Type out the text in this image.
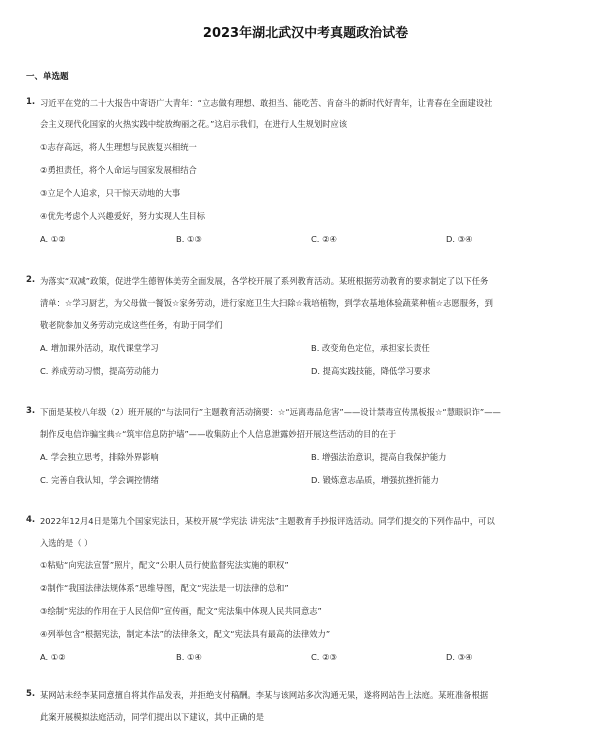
2023年湖北武汉中考真题政治试卷
一、单选题
1. 习近平在党的二十大报告中寄语广大青年：“立志做有理想、敢担当、能吃苦、肯奋斗的新时代好青年，让青春在全面建设社
会主义现代化国家的火热实践中绽放绚丽之花。”这启示我们，在进行人生规划时应该
①志存高远，将人生理想与民族复兴相统一
②勇担责任，将个人命运与国家发展相结合
③立足个人追求，只干惊天动地的大事
④优先考虑个人兴趣爱好，努力实现人生目标
A. ①②	B. ①③	C. ②④	D. ③④
2. 为落实“双减”政策，促进学生德智体美劳全面发展，各学校开展了系列教育活动。某班根据劳动教育的要求制定了以下任务
清单：☆学习厨艺，为父母做一餐饭☆家务劳动，进行家庭卫生大扫除☆栽培植物，到学农基地体验蔬菜种植☆志愿服务，到
敬老院参加义务劳动完成这些任务，有助于同学们
A. 增加课外活动，取代课堂学习	B. 改变角色定位，承担家长责任
C. 养成劳动习惯，提高劳动能力	D. 提高实践技能，降低学习要求
3. 下面是某校八年级（2）班开展的“与法同行”主题教育活动摘要：☆“远离毒品危害”——设计禁毒宣传黑板报☆“慧眼识诈”——
制作反电信诈骗宝典☆“筑牢信息防护墙”——收集防止个人信息泄露妙招开展这些活动的目的在于
A. 学会独立思考，排除外界影响	B. 增强法治意识，提高自我保护能力
C. 完善自我认知，学会调控情绪	D. 锻炼意志品质，增强抗挫折能力
4. 2022年12月4日是第九个国家宪法日，某校开展“学宪法 讲宪法”主题教育手抄报评选活动。同学们提交的下列作品中，可以
入选的是（ ）
①粘贴“向宪法宣誓”照片，配文“公职人员行使监督宪法实施的职权”
②制作“我国法律法规体系”思维导图，配文“宪法是一切法律的总和”
③绘制“宪法的作用在于人民信仰”宣传画，配文“宪法集中体现人民共同意志”
④列举包含“根据宪法，制定本法”的法律条文，配文“宪法具有最高的法律效力”
A. ①②	B. ①④	C. ②③	D. ③④
5. 某网站未经李某同意擅自将其作品发表，并拒绝支付稿酬。李某与该网站多次沟通无果，遂将网站告上法庭。某班准备根据
此案开展模拟法庭活动，同学们提出以下建议，其中正确的是
